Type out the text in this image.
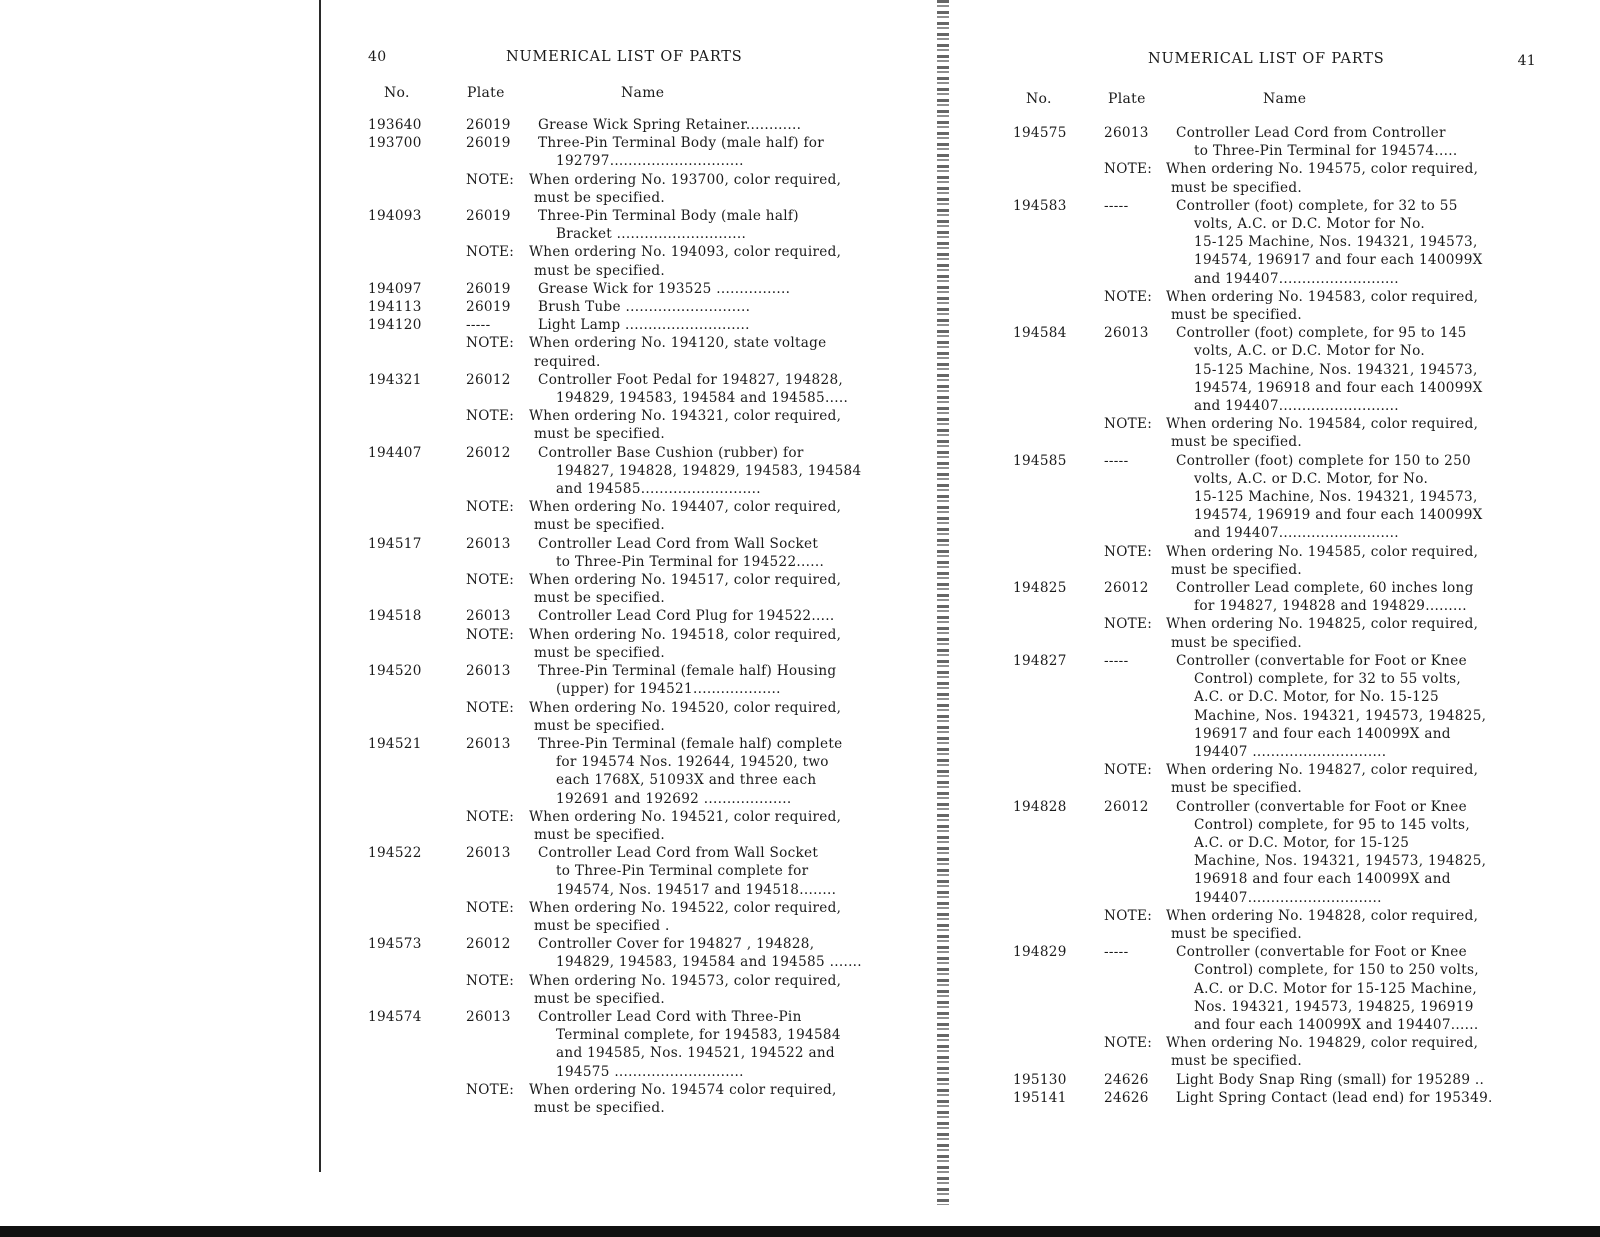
40	NUMERICAL LIST OF PARTS
No.	Plate	Name
193640	26019 Grease Wick Spring Retainer............
193700	26019 Three-Pin Terminal Body (male half) for
192797.............................
NOTE: When ordering No. 193700, color required,
must be specified.
194093	26019 Three-Pin Terminal Body (male half)
Bracket ............................
NOTE: When ordering No. 194093, color required,
must be specified.
194097	26019 Grease Wick for 193525 ................
194113	26019 Brush Tube ...........................
194120	-----	Light Lamp ...........................
NOTE: When ordering No. 194120, state voltage
required.
194321	26012 Controller Foot Pedal for 194827, 194828,
194829, 194583, 194584 and 194585.....
NOTE: When ordering No. 194321, color required,
must be specified.
194407	26012 Controller Base Cushion (rubber) for
194827, 194828, 194829, 194583, 194584
and 194585..........................
NOTE: When ordering No. 194407, color required,
must be specified.
194517	26013 Controller Lead Cord from Wall Socket
to Three-Pin Terminal for 194522......
NOTE: When ordering No. 194517, color required,
must be specified.
194518	26013 Controller Lead Cord Plug for 194522.....
NOTE: When ordering No. 194518, color required,
must be specified.
194520	26013 Three-Pin Terminal (female half) Housing
(upper) for 194521...................
NOTE: When ordering No. 194520, color required,
must be specified.
194521	26013 Three-Pin Terminal (female half) complete
for 194574 Nos. 192644, 194520, two
each 1768X, 51093X and three each
192691 and 192692 ...................
NOTE: When ordering No. 194521, color required,
must be specified.
194522	26013 Controller Lead Cord from Wall Socket
to Three-Pin Terminal complete for
194574, Nos. 194517 and 194518........
NOTE: When ordering No. 194522, color required,
must be specified .
194573	26012 Controller Cover for 194827 , 194828,
194829, 194583, 194584 and 194585 .......
NOTE: When ordering No. 194573, color required,
must be specified.
194574	26013 Controller Lead Cord with Three-Pin
Terminal complete, for 194583, 194584
and 194585, Nos. 194521, 194522 and
194575 ............................
NOTE: When ordering No. 194574 color required,
must be specified.
NUMERICAL LIST OF PARTS	41
No.	Plate	Name
194575	26013 Controller Lead Cord from Controller
to Three-Pin Terminal for 194574.....
NOTE: When ordering No. 194575, color required,
must be specified.
194583	-----	Controller (foot) complete, for 32 to 55
volts, A.C. or D.C. Motor for No.
15-125 Machine, Nos. 194321, 194573,
194574, 196917 and four each 140099X
and 194407..........................
NOTE: When ordering No. 194583, color required,
must be specified.
194584	26013 Controller (foot) complete, for 95 to 145
volts, A.C. or D.C. Motor for No.
15-125 Machine, Nos. 194321, 194573,
194574, 196918 and four each 140099X
and 194407..........................
NOTE: When ordering No. 194584, color required,
must be specified.
194585	-----	Controller (foot) complete for 150 to 250
volts, A.C. or D.C. Motor, for No.
15-125 Machine, Nos. 194321, 194573,
194574, 196919 and four each 140099X
and 194407..........................
NOTE: When ordering No. 194585, color required,
must be specified.
194825	26012 Controller Lead complete, 60 inches long
for 194827, 194828 and 194829.........
NOTE: When ordering No. 194825, color required,
must be specified.
194827	-----	Controller (convertable for Foot or Knee
Control) complete, for 32 to 55 volts,
A.C. or D.C. Motor, for No. 15-125
Machine, Nos. 194321, 194573, 194825,
196917 and four each 140099X and
194407 .............................
NOTE: When ordering No. 194827, color required,
must be specified.
194828	26012 Controller (convertable for Foot or Knee
Control) complete, for 95 to 145 volts,
A.C. or D.C. Motor, for 15-125
Machine, Nos. 194321, 194573, 194825,
196918 and four each 140099X and
194407.............................
NOTE: When ordering No. 194828, color required,
must be specified.
194829	-----	Controller (convertable for Foot or Knee
Control) complete, for 150 to 250 volts,
A.C. or D.C. Motor for 15-125 Machine,
Nos. 194321, 194573, 194825, 196919
and four each 140099X and 194407......
NOTE: When ordering No. 194829, color required,
must be specified.
195130	24626 Light Body Snap Ring (small) for 195289 ..
195141	24626 Light Spring Contact (lead end) for 195349.
